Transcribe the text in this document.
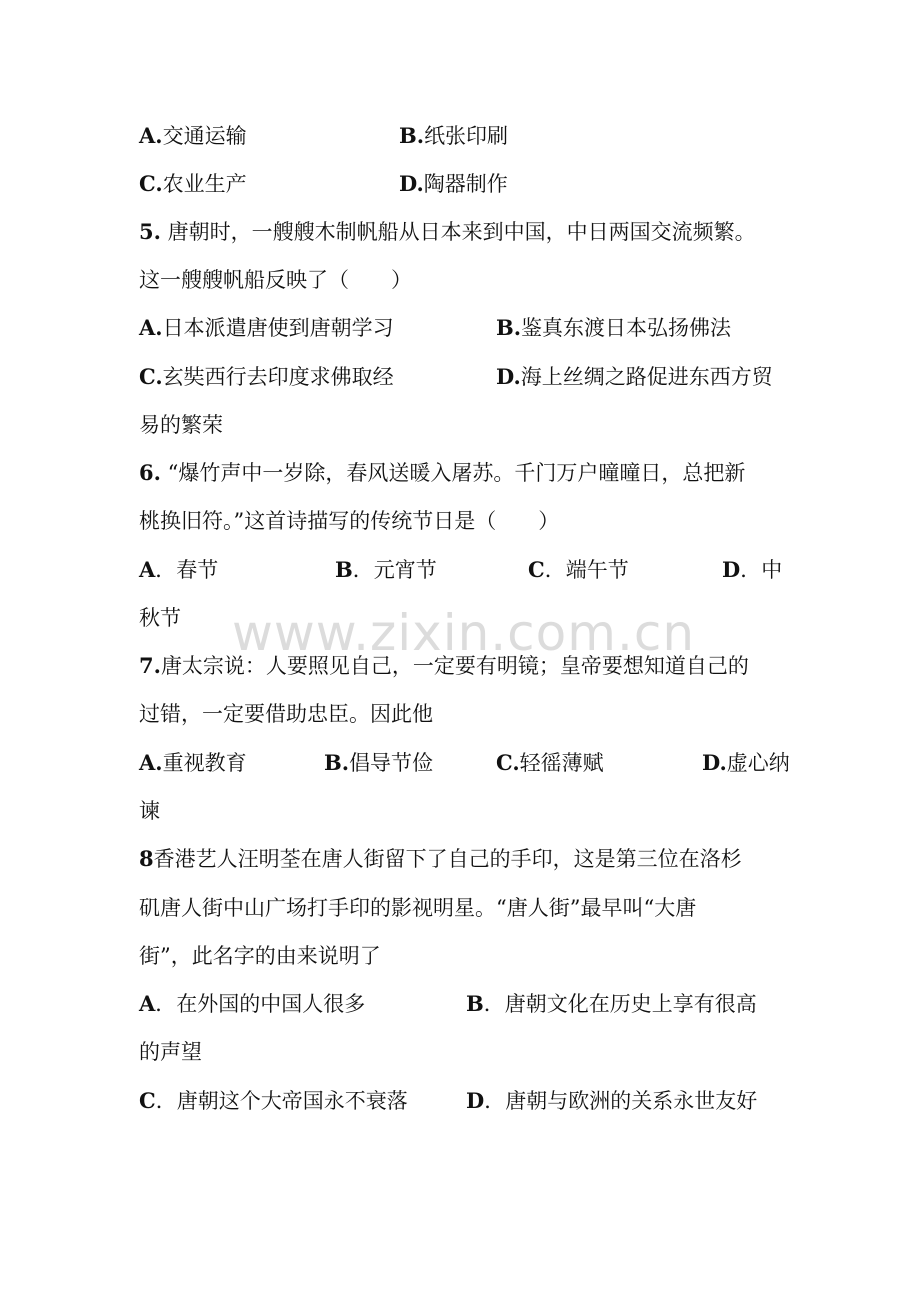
www.zixin.com.cn
A.交通运输	B.纸张印刷
C.农业生产	D.陶器制作
5. 唐朝时，一艘艘木制帆船从日本来到中国，中日两国交流频繁。
这一艘艘帆船反映了（　　）
A.日本派遣唐使到唐朝学习	B.鉴真东渡日本弘扬佛法
C.玄奘西行去印度求佛取经	D.海上丝绸之路促进东西方贸
易的繁荣
6. “爆竹声中一岁除，春风送暖入屠苏。千门万户曈曈日，总把新
桃换旧符。”这首诗描写的传统节日是（　　）
A．春节	B．元宵节	C．端午节	D．中
秋节
7.唐太宗说：人要照见自己，一定要有明镜；皇帝要想知道自己的
过错，一定要借助忠臣。因此他
A.重视教育	B.倡导节俭	C.轻徭薄赋	D.虚心纳
谏
8香港艺人汪明荃在唐人街留下了自己的手印，这是第三位在洛杉
矶唐人街中山广场打手印的影视明星。“唐人街”最早叫“大唐
街”，此名字的由来说明了
A．在外国的中国人很多	B．唐朝文化在历史上享有很高
的声望
C．唐朝这个大帝国永不衰落	D．唐朝与欧洲的关系永世友好
